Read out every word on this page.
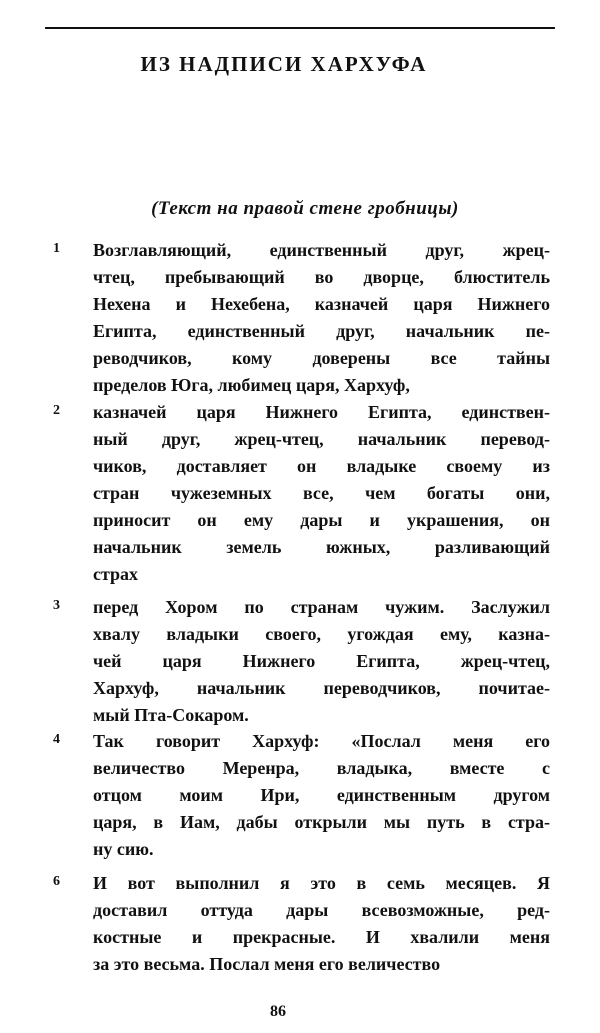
ИЗ НАДПИСИ ХАРХУФА
(Текст на правой стене гробницы)
1 Возглавляющий, единственный друг, жрец-
чтец, пребывающий во дворце, блюститель
Нехена и Нехебена, казначей царя Нижнего
Египта, единственный друг, начальник пе-
реводчиков, кому доверены все тайны
пределов Юга, любимец царя, Хархуф,
2 казначей царя Нижнего Египта, единствен-
ный друг, жрец-чтец, начальник перевод-
чиков, доставляет он владыке своему из
стран чужеземных все, чем богаты они,
приносит он ему дары и украшения, он
начальник земель южных, разливающий
страх
3 перед Хором по странам чужим. Заслужил
хвалу владыки своего, угождая ему, казна-
чей царя Нижнего Египта, жрец-чтец,
Хархуф, начальник переводчиков, почитае-
мый Пта-Сокаром.
4 Так говорит Хархуф: «Послал меня его
величество Меренра, владыка, вместе с
отцом моим Ири, единственным другом
царя, в Иам, дабы открыли мы путь в стра-
ну сию.
6 И вот выполнил я это в семь месяцев. Я
доставил оттуда дары всевозможные, ред-
костные и прекрасные. И хвалили меня
за это весьма. Послал меня его величество
86
